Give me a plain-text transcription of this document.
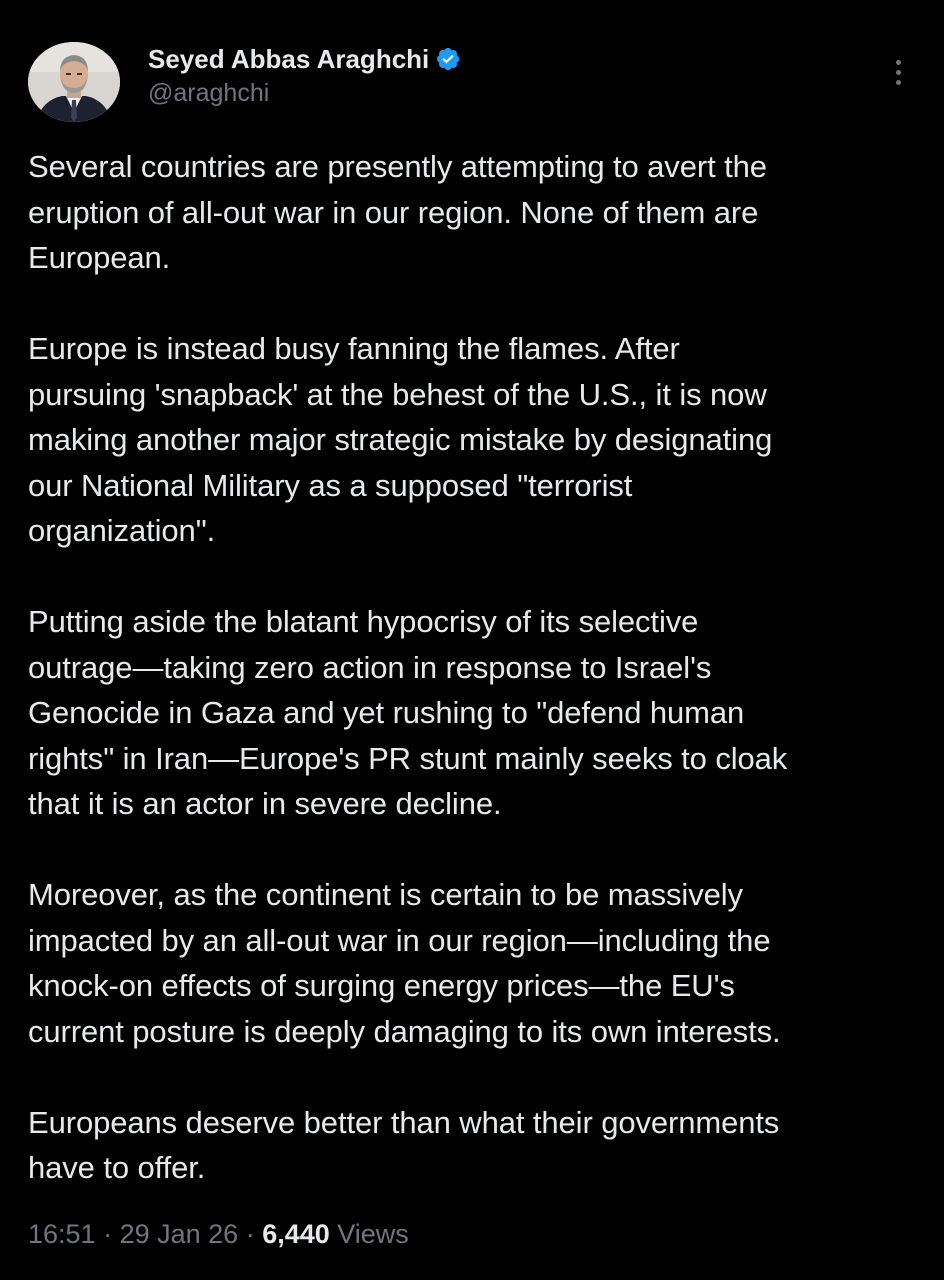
Seyed Abbas Araghchi
@araghchi

Several countries are presently attempting to avert the
eruption of all-out war in our region. None of them are
European.

Europe is instead busy fanning the flames. After
pursuing 'snapback' at the behest of the U.S., it is now
making another major strategic mistake by designating
our National Military as a supposed "terrorist
organization".

Putting aside the blatant hypocrisy of its selective
outrage—taking zero action in response to Israel's
Genocide in Gaza and yet rushing to "defend human
rights" in Iran—Europe's PR stunt mainly seeks to cloak
that it is an actor in severe decline.

Moreover, as the continent is certain to be massively
impacted by an all-out war in our region—including the
knock-on effects of surging energy prices—the EU's
current posture is deeply damaging to its own interests.

Europeans deserve better than what their governments
have to offer.

16:51 · 29 Jan 26 · 6,440 Views
